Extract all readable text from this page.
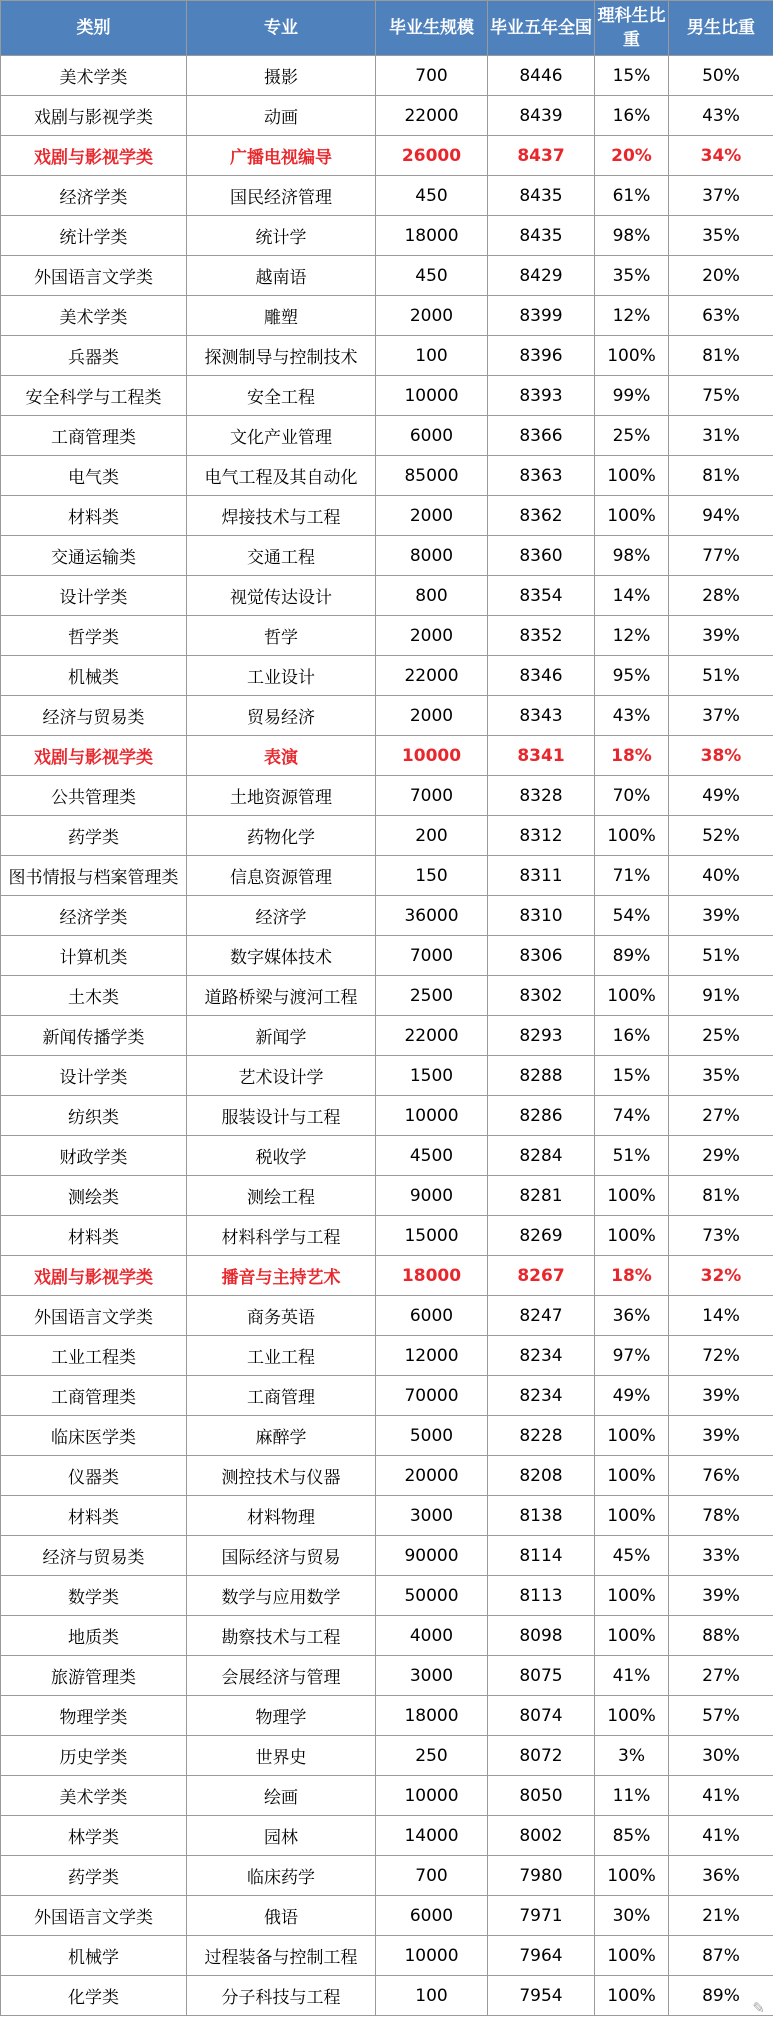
类别	专业	毕业生规模	毕业五年全国	理科生比重	男生比重
美术学类	摄影	700	8446	15%	50%
戏剧与影视学类	动画	22000	8439	16%	43%
戏剧与影视学类	广播电视编导	26000	8437	20%	34%
经济学类	国民经济管理	450	8435	61%	37%
统计学类	统计学	18000	8435	98%	35%
外国语言文学类	越南语	450	8429	35%	20%
美术学类	雕塑	2000	8399	12%	63%
兵器类	探测制导与控制技术	100	8396	100%	81%
安全科学与工程类	安全工程	10000	8393	99%	75%
工商管理类	文化产业管理	6000	8366	25%	31%
电气类	电气工程及其自动化	85000	8363	100%	81%
材料类	焊接技术与工程	2000	8362	100%	94%
交通运输类	交通工程	8000	8360	98%	77%
设计学类	视觉传达设计	800	8354	14%	28%
哲学类	哲学	2000	8352	12%	39%
机械类	工业设计	22000	8346	95%	51%
经济与贸易类	贸易经济	2000	8343	43%	37%
戏剧与影视学类	表演	10000	8341	18%	38%
公共管理类	土地资源管理	7000	8328	70%	49%
药学类	药物化学	200	8312	100%	52%
图书情报与档案管理类	信息资源管理	150	8311	71%	40%
经济学类	经济学	36000	8310	54%	39%
计算机类	数字媒体技术	7000	8306	89%	51%
土木类	道路桥梁与渡河工程	2500	8302	100%	91%
新闻传播学类	新闻学	22000	8293	16%	25%
设计学类	艺术设计学	1500	8288	15%	35%
纺织类	服装设计与工程	10000	8286	74%	27%
财政学类	税收学	4500	8284	51%	29%
测绘类	测绘工程	9000	8281	100%	81%
材料类	材料科学与工程	15000	8269	100%	73%
戏剧与影视学类	播音与主持艺术	18000	8267	18%	32%
外国语言文学类	商务英语	6000	8247	36%	14%
工业工程类	工业工程	12000	8234	97%	72%
工商管理类	工商管理	70000	8234	49%	39%
临床医学类	麻醉学	5000	8228	100%	39%
仪器类	测控技术与仪器	20000	8208	100%	76%
材料类	材料物理	3000	8138	100%	78%
经济与贸易类	国际经济与贸易	90000	8114	45%	33%
数学类	数学与应用数学	50000	8113	100%	39%
地质类	勘察技术与工程	4000	8098	100%	88%
旅游管理类	会展经济与管理	3000	8075	41%	27%
物理学类	物理学	18000	8074	100%	57%
历史学类	世界史	250	8072	3%	30%
美术学类	绘画	10000	8050	11%	41%
林学类	园林	14000	8002	85%	41%
药学类	临床药学	700	7980	100%	36%
外国语言文学类	俄语	6000	7971	30%	21%
机械学	过程装备与控制工程	10000	7964	100%	87%
化学类	分子科技与工程	100	7954	100%	89%
✎
